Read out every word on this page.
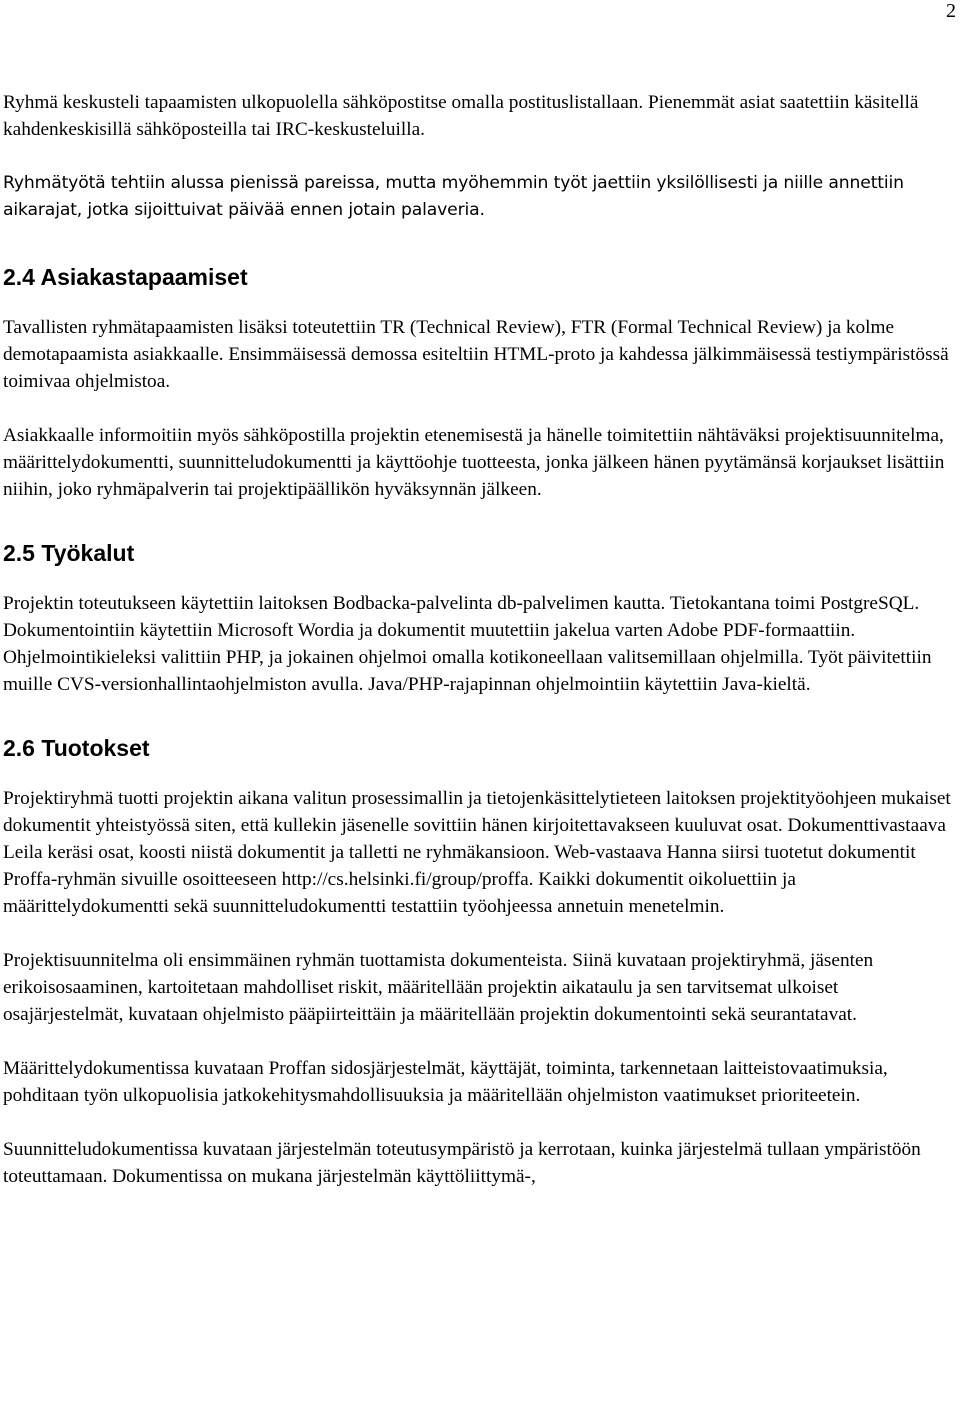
2

Ryhmä keskusteli tapaamisten ulkopuolella sähköpostitse omalla postituslistallaan. Pienemmät asiat saatettiin käsitellä kahdenkeskisillä sähköposteilla tai IRC-keskusteluilla.

Ryhmätyötä tehtiin alussa pienissä pareissa, mutta myöhemmin työt jaettiin yksilöllisesti ja niille annettiin aikarajat, jotka sijoittuivat päivää ennen jotain palaveria.

2.4 Asiakastapaamiset

Tavallisten ryhmätapaamisten lisäksi toteutettiin TR (Technical Review), FTR (Formal Technical Review) ja kolme demotapaamista asiakkaalle. Ensimmäisessä demossa esiteltiin HTML-proto ja kahdessa jälkimmäisessä testiympäristössä toimivaa ohjelmistoa.

Asiakkaalle informoitiin myös sähköpostilla projektin etenemisestä ja hänelle toimitettiin nähtäväksi projektisuunnitelma, määrittelydokumentti, suunnitteludokumentti ja käyttöohje tuotteesta, jonka jälkeen hänen pyytämänsä korjaukset lisättiin niihin, joko ryhmäpalverin tai projektipäällikön hyväksynnän jälkeen.

2.5 Työkalut

Projektin toteutukseen käytettiin laitoksen Bodbacka-palvelinta db-palvelimen kautta. Tietokantana toimi PostgreSQL. Dokumentointiin käytettiin Microsoft Wordia ja dokumentit muutettiin jakelua varten Adobe PDF-formaattiin. Ohjelmointikieleksi valittiin PHP, ja jokainen ohjelmoi omalla kotikoneellaan valitsemillaan ohjelmilla. Työt päivitettiin muille CVS-versionhallintaohjelmiston avulla. Java/PHP-rajapinnan ohjelmointiin käytettiin Java-kieltä.

2.6 Tuotokset

Projektiryhmä tuotti projektin aikana valitun prosessimallin ja tietojenkäsittelytieteen laitoksen projektityöohjeen mukaiset dokumentit yhteistyössä siten, että kullekin jäsenelle sovittiin hänen kirjoitettavakseen kuuluvat osat. Dokumenttivastaava Leila keräsi osat, koosti niistä dokumentit ja talletti ne ryhmäkansioon. Web-vastaava Hanna siirsi tuotetut dokumentit Proffa-ryhmän sivuille osoitteeseen http://cs.helsinki.fi/group/proffa. Kaikki dokumentit oikoluettiin ja määrittelydokumentti sekä suunnitteludokumentti testattiin työohjeessa annetuin menetelmin.

Projektisuunnitelma oli ensimmäinen ryhmän tuottamista dokumenteista. Siinä kuvataan projektiryhmä, jäsenten erikoisosaaminen, kartoitetaan mahdolliset riskit, määritellään projektin aikataulu ja sen tarvitsemat ulkoiset osajärjestelmät, kuvataan ohjelmisto pääpiirteittäin ja määritellään projektin dokumentointi sekä seurantatavat.

Määrittelydokumentissa kuvataan Proffan sidosjärjestelmät, käyttäjät, toiminta, tarkennetaan laitteistovaatimuksia, pohditaan työn ulkopuolisia jatkokehitysmahdollisuuksia ja määritellään ohjelmiston vaatimukset prioriteetein.

Suunnitteludokumentissa kuvataan järjestelmän toteutusympäristö ja kerrotaan, kuinka järjestelmä tullaan ympäristöön toteuttamaan. Dokumentissa on mukana järjestelmän käyttöliittymä-,
